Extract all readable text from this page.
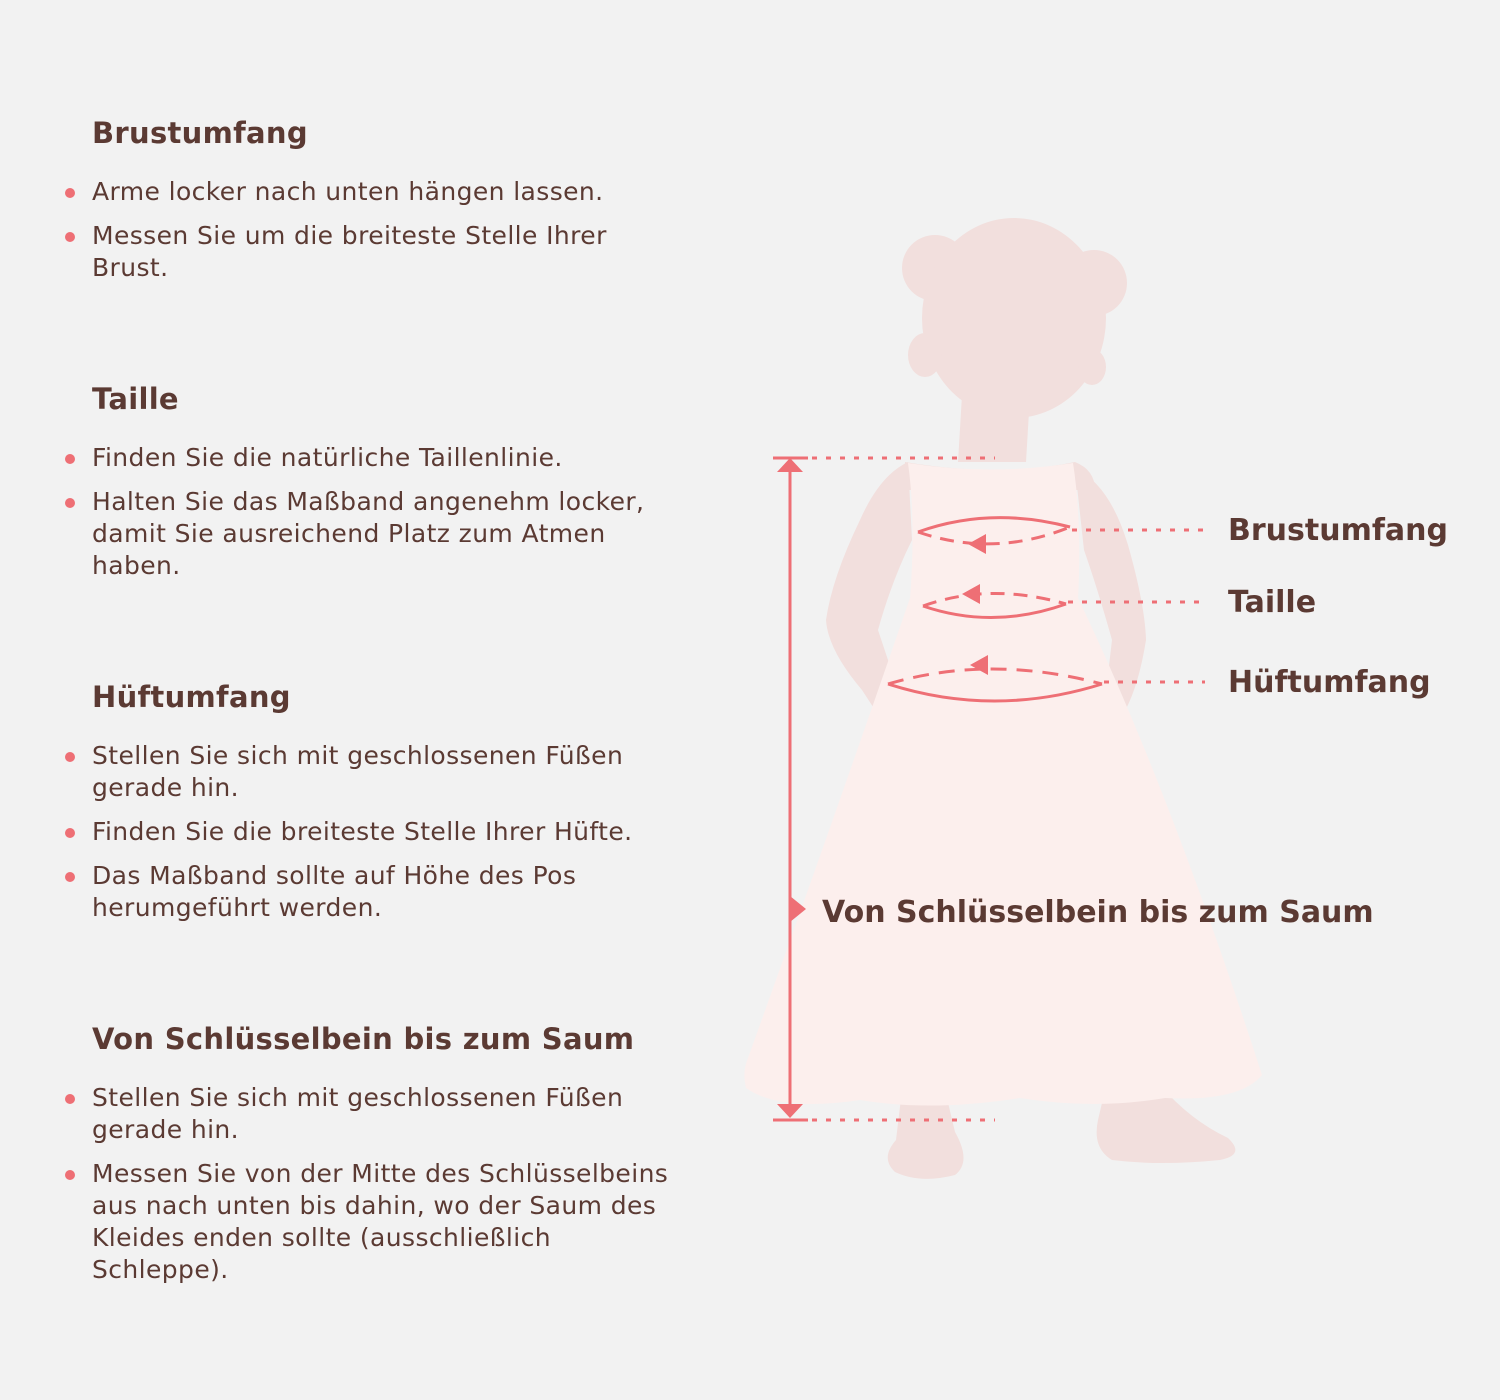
Brustumfang
Arme locker nach unten hängen lassen.
Messen Sie um die breiteste Stelle Ihrer Brust.
Taille
Finden Sie die natürliche Taillenlinie.
Halten Sie das Maßband angenehm locker, damit Sie ausreichend Platz zum Atmen haben.
Hüftumfang
Stellen Sie sich mit geschlossenen Füßen gerade hin.
Finden Sie die breiteste Stelle Ihrer Hüfte.
Das Maßband sollte auf Höhe des Pos herumgeführt werden.
Von Schlüsselbein bis zum Saum
Stellen Sie sich mit geschlossenen Füßen gerade hin.
Messen Sie von der Mitte des Schlüsselbeins aus nach unten bis dahin, wo der Saum des Kleides enden sollte (ausschließlich Schleppe).
Brustumfang
Taille
Hüftumfang
Von Schlüsselbein bis zum Saum
